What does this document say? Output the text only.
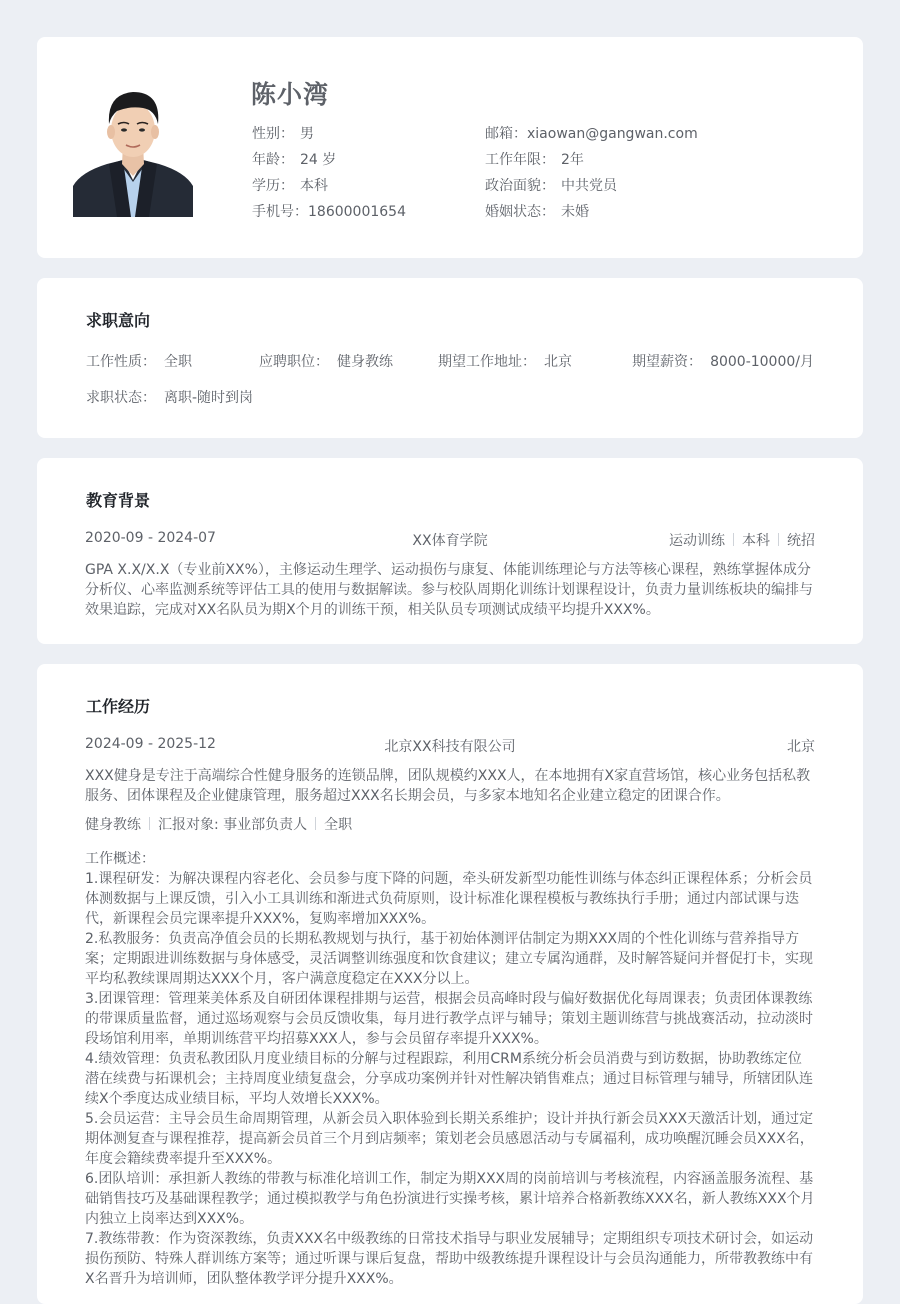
陈小湾
性别： 男
年龄： 24 岁
学历： 本科
手机号：18600001654
邮箱：xiaowan@gangwan.com
工作年限： 2年
政治面貌： 中共党员
婚姻状态： 未婚
求职意向
工作性质： 全职	应聘职位： 健身教练	期望工作地址： 北京	期望薪资： 8000-10000/月
求职状态： 离职-随时到岗
教育背景
2020-09 - 2024-07	XX体育学院	运动训练 本科 统招
GPA X.X/X.X（专业前XX%），主修运动生理学、运动损伤与康复、体能训练理论与方法等核心课程，熟练掌握体成分分析仪、心率监测系统等评估工具的使用与数据解读。参与校队周期化训练计划课程设计，负责力量训练板块的编排与效果追踪，完成对XX名队员为期X个月的训练干预，相关队员专项测试成绩平均提升XXX%。
工作经历
2024-09 - 2025-12	北京XX科技有限公司	北京
XXX健身是专注于高端综合性健身服务的连锁品牌，团队规模约XXX人，在本地拥有X家直营场馆，核心业务包括私教服务、团体课程及企业健康管理，服务超过XXX名长期会员，与多家本地知名企业建立稳定的团课合作。
健身教练 汇报对象: 事业部负责人 全职
工作概述：
1.课程研发：为解决课程内容老化、会员参与度下降的问题，牵头研发新型功能性训练与体态纠正课程体系；分析会员体测数据与上课反馈，引入小工具训练和渐进式负荷原则，设计标准化课程模板与教练执行手册；通过内部试课与迭代，新课程会员完课率提升XXX%，复购率增加XXX%。
2.私教服务：负责高净值会员的长期私教规划与执行，基于初始体测评估制定为期XXX周的个性化训练与营养指导方案；定期跟进训练数据与身体感受，灵活调整训练强度和饮食建议；建立专属沟通群，及时解答疑问并督促打卡，实现平均私教续课周期达XXX个月，客户满意度稳定在XXX分以上。
3.团课管理：管理莱美体系及自研团体课程排期与运营，根据会员高峰时段与偏好数据优化每周课表；负责团体课教练的带课质量监督，通过巡场观察与会员反馈收集，每月进行教学点评与辅导；策划主题训练营与挑战赛活动，拉动淡时段场馆利用率，单期训练营平均招募XXX人，参与会员留存率提升XXX%。
4.绩效管理：负责私教团队月度业绩目标的分解与过程跟踪，利用CRM系统分析会员消费与到访数据，协助教练定位潜在续费与拓课机会；主持周度业绩复盘会，分享成功案例并针对性解决销售难点；通过目标管理与辅导，所辖团队连续X个季度达成业绩目标，平均人效增长XXX%。
5.会员运营：主导会员生命周期管理，从新会员入职体验到长期关系维护；设计并执行新会员XXX天激活计划，通过定期体测复查与课程推荐，提高新会员首三个月到店频率；策划老会员感恩活动与专属福利，成功唤醒沉睡会员XXX名，年度会籍续费率提升至XXX%。
6.团队培训：承担新人教练的带教与标准化培训工作，制定为期XXX周的岗前培训与考核流程，内容涵盖服务流程、基础销售技巧及基础课程教学；通过模拟教学与角色扮演进行实操考核，累计培养合格新教练XXX名，新人教练XXX个月内独立上岗率达到XXX%。
7.教练带教：作为资深教练，负责XXX名中级教练的日常技术指导与职业发展辅导；定期组织专项技术研讨会，如运动损伤预防、特殊人群训练方案等；通过听课与课后复盘，帮助中级教练提升课程设计与会员沟通能力，所带教教练中有X名晋升为培训师，团队整体教学评分提升XXX%。
